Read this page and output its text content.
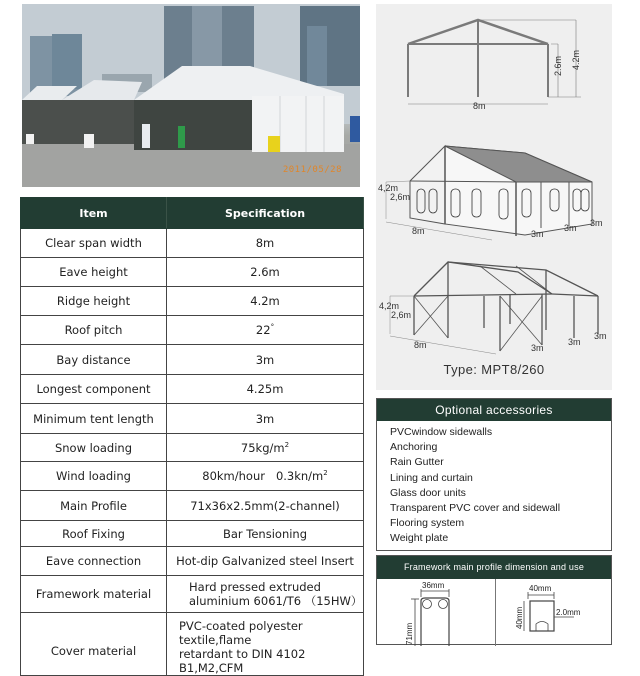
2011/05/28
Item	Specification
Clear span width	8m
Eave height	2.6m
Ridge height	4.2m
Roof pitch	22°
Bay distance	3m
Longest component	4.25m
Minimum tent length	3m
Snow loading	$75kg/m^2$
Wind loading	80km/hour   $0.3kn/m^2$
Main Profile	71x36x2.5mm(2-channel)
Roof Fixing	Bar Tensioning
Eave connection	Hot-dip Galvanized steel Insert
Framework material	Hard pressed extruded
aluminium 6061/T6 （15HW）

Cover material	PVC-coated polyester textile,flame
retardant to DIN 4102 B1,M2,CFM
8m
2.6m 4.2m
4,2m
2,6m
8m	3m
3m 3m
4,2m
2,6m
8m	3m
3m
3m
Type: MPT8/260
Optional accessories
PVCwindow sidewalls
Anchoring
Rain Gutter
Lining and curtain
Glass door units
Transparent PVC cover and sidewall
Flooring system
Weight plate
Framework main profile dimension and use
36mm
71mm
40mm
2.0mm
40mm
